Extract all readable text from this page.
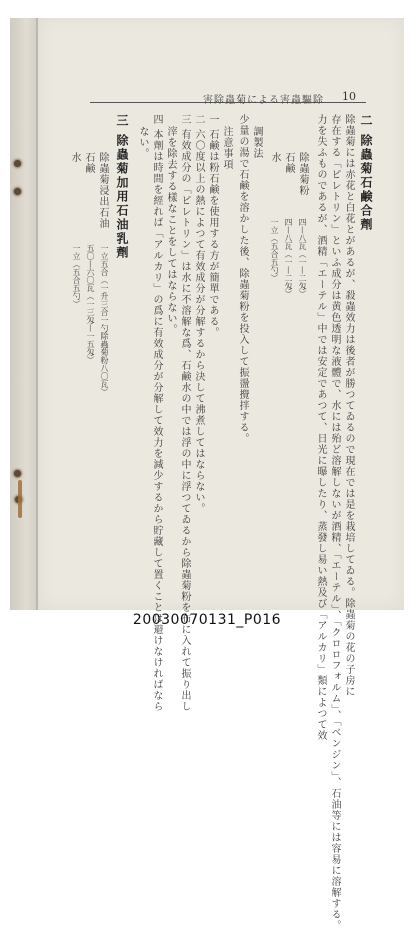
害除蟲菊による害蟲驅除 10
二 除蟲菊石鹸合劑
除蟲菊には赤花と白花とがあるが、殺蟲效力は後者が勝つてゐるので現在では是を栽培してゐる。除蟲菊の花の子房に
存在する「ピレトリン」といふ成分は黄色透明な液體で、水には殆ど溶解しないが酒精、「エーテル」、「クロロフォルム」、「ベンジン」、石油等には容易に溶解する。
力を失ふものであるが、酒精「エーテル」中では安定であつて、日光に曝したり、蒸發し易い熱及び「アルカリ」類によつて效
除蟲菊粉
四—八瓦（一—二匁）
石鹸
四—八瓦（一—二匁）
水
一立（五合五勺）
調製法
少量の湯で石鹸を溶かした後、除蟲菊粉を投入して振盪攪拌する。
注意事項
一 石鹸は粉石鹸を使用する方が簡單である。
二 六〇度以上の熱によつて有效成分が分解するから決して沸煮してはならない。
三 有效成分の「ピレトリン」は水に不溶解な爲、石鹸水の中では浮の中に浮つてゐるから除蟲菊粉を布に入れて振り出し
滓を除去する樣なことをしてはならない。
四 本劑は時間を經れば「アルカリ」の爲に有效成分が分解して效力を減少するから貯藏して置くことは避けなければなら
ない。
三 除蟲菊加用石油乳劑
除蟲菊浸出石油
一立五合（一升三合一勺除蟲菊粉八〇瓦）
石鹸
五〇—六〇瓦（一三匁—一五匁）
水
一立（五合五勺）
20030070131_P016
